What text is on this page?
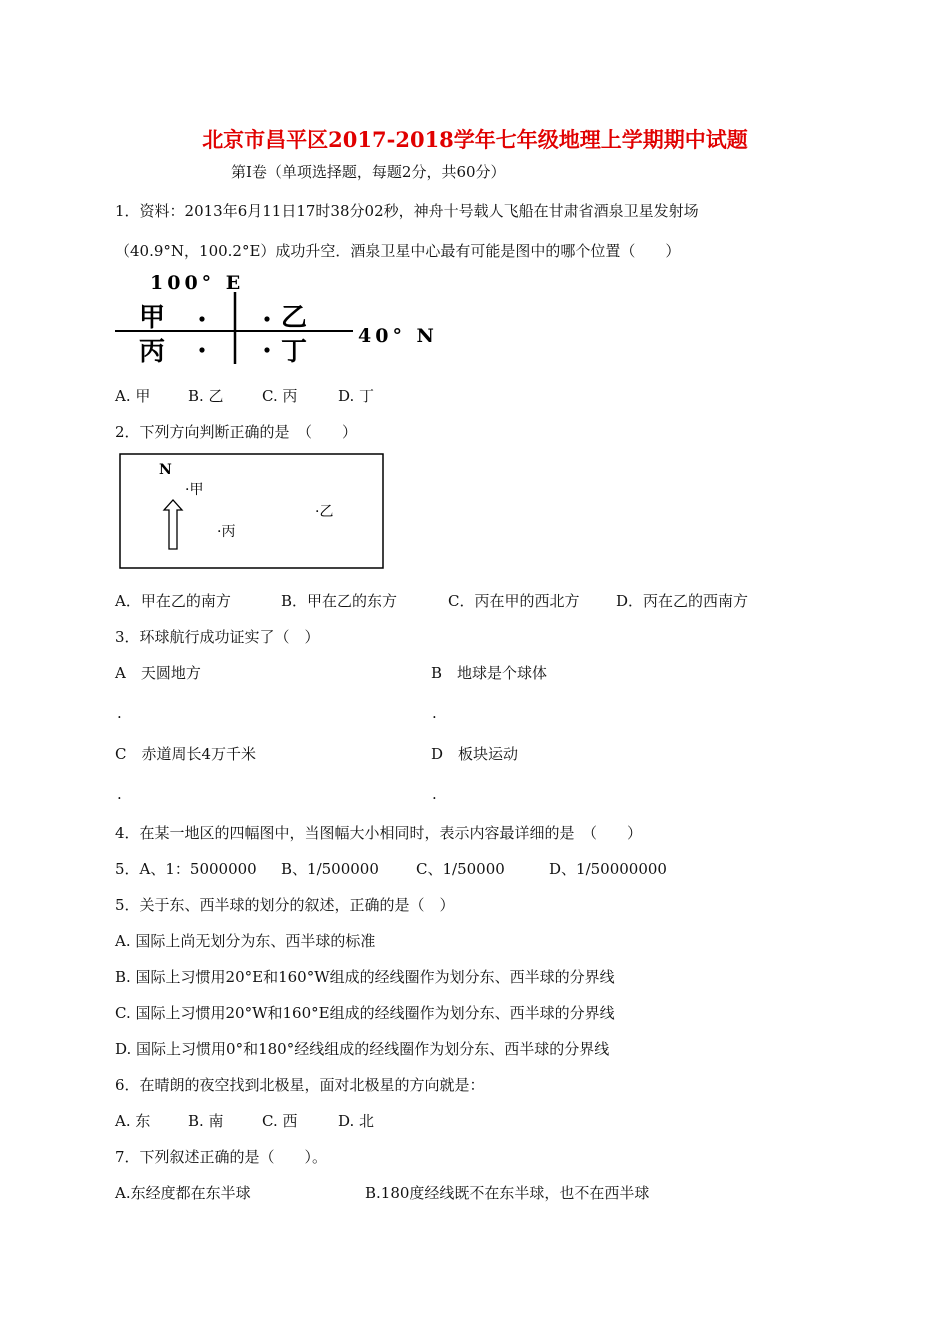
北京市昌平区2017-2018学年七年级地理上学期期中试题
第Ⅰ卷（单项选择题，每题2分，共60分）
1．资料：2013年6月11日17时38分02秒，神舟十号载人飞船在甘肃省酒泉卫星发射场
（40.9°N，100.2°E）成功升空．酒泉卫星中心最有可能是图中的哪个位置（　　）
100° E
甲	乙
丙	丁
40° N
A. 甲	B. 乙	C. 丙	D. 丁
2．下列方向判断正确的是　（　　）
N
·甲
·乙
·丙
A．甲在乙的南方	B．甲在乙的东方	C．丙在甲的西北方 D．丙在乙的西南方
3．环球航行成功证实了（　）
A　天圆地方	B　地球是个球体
.	.
C　赤道周长4万千米	D　板块运动
.	.
4．在某一地区的四幅图中，当图幅大小相同时，表示内容最详细的是　（　　）
5．A、1：5000000 B、1/500000 C、1/50000	D、1/50000000
5．关于东、西半球的划分的叙述，正确的是（　）
A. 国际上尚无划分为东、西半球的标准
B. 国际上习惯用20°E和160°W组成的经线圈作为划分东、西半球的分界线
C. 国际上习惯用20°W和160°E组成的经线圈作为划分东、西半球的分界线
D. 国际上习惯用0°和180°经线组成的经线圈作为划分东、西半球的分界线
6．在晴朗的夜空找到北极星，面对北极星的方向就是：
A. 东	B. 南	C. 西	D. 北
7．下列叙述正确的是（　　）。
A.东经度都在东半球	B.180度经线既不在东半球，也不在西半球
